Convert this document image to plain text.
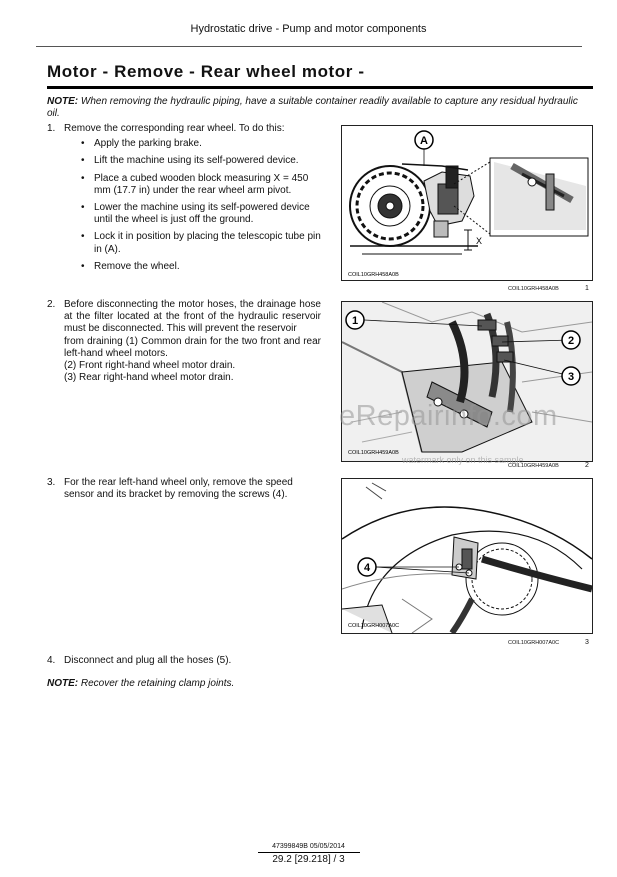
Hydrostatic drive - Pump and motor components
Motor - Remove - Rear wheel motor -
NOTE: When removing the hydraulic piping, have a suitable container readily available to capture any residual hydraulic oil.
1. Remove the corresponding rear wheel. To do this:
• Apply the parking brake.
• Lift the machine using its self-powered device.
• Place a cubed wooden block measuring X = 450 mm (17.7 in) under the rear wheel arm pivot.
• Lower the machine using its self-powered device until the wheel is just off the ground.
• Lock it in position by placing the telescopic tube pin in (A).
• Remove the wheel.
2. Before disconnecting the motor hoses, the drainage hose at the filter located at the front of the hydraulic reservoir must be disconnected. This will prevent the reservoir
from draining (1) Common drain for the two front and rear left-hand wheel motors.
(2) Front right-hand wheel motor drain.
(3) Rear right-hand wheel motor drain.
3. For the rear left-hand wheel only, remove the speed sensor and its bracket by removing the screws (4).
4. Disconnect and plug all the hoses (5).
NOTE: Recover the retaining clamp joints.
A
X
COIL10GRH458A0B
COIL10GRH458A0B	1
1
2
3
COIL10GRH459A0B
COIL10GRH459A0B	2
eRepairinfo.com
watermark only on this sample
4
COIL10GRH007A0C
COIL10GRH007A0C	3
47399849B 05/05/2014
29.2 [29.218] / 3
